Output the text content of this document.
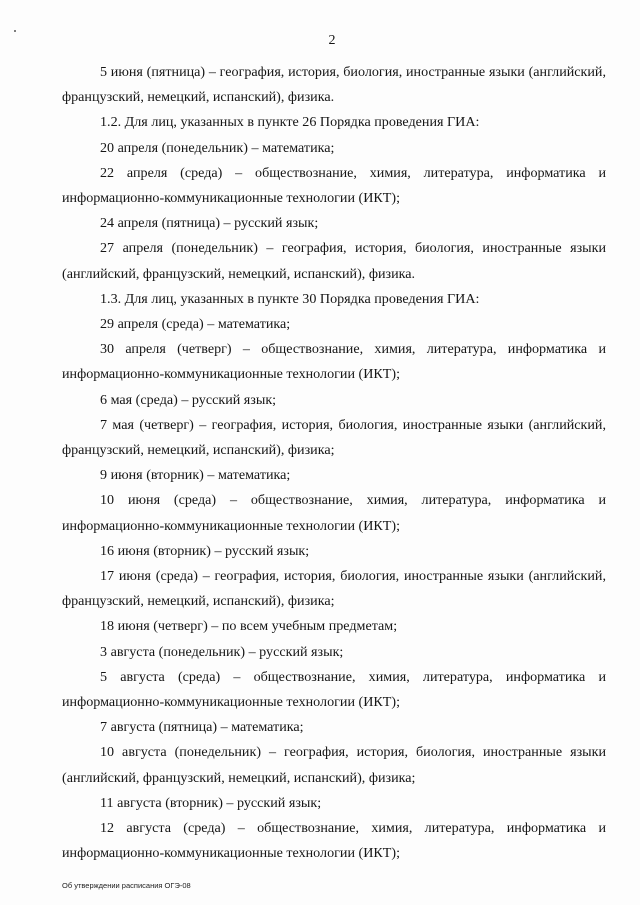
2

5 июня (пятница) – география, история, биология, иностранные языки (английский, французский, немецкий, испанский), физика.

1.2. Для лиц, указанных в пункте 26 Порядка проведения ГИА:

20 апреля (понедельник) – математика;

22 апреля (среда) – обществознание, химия, литература, информатика и информационно-коммуникационные технологии (ИКТ);

24 апреля (пятница) – русский язык;

27 апреля (понедельник) – география, история, биология, иностранные языки (английский, французский, немецкий, испанский), физика.

1.3. Для лиц, указанных в пункте 30 Порядка проведения ГИА:

29 апреля (среда) – математика;

30 апреля (четверг) – обществознание, химия, литература, информатика и информационно-коммуникационные технологии (ИКТ);

6 мая (среда) – русский язык;

7 мая (четверг) – география, история, биология, иностранные языки (английский, французский, немецкий, испанский), физика;

9 июня (вторник) – математика;

10 июня (среда) – обществознание, химия, литература, информатика и информационно-коммуникационные технологии (ИКТ);

16 июня (вторник) – русский язык;

17 июня (среда) – география, история, биология, иностранные языки (английский, французский, немецкий, испанский), физика;

18 июня (четверг) – по всем учебным предметам;

3 августа (понедельник) – русский язык;

5 августа (среда) – обществознание, химия, литература, информатика и информационно-коммуникационные технологии (ИКТ);

7 августа (пятница) – математика;

10 августа (понедельник) – география, история, биология, иностранные языки (английский, французский, немецкий, испанский), физика;

11 августа (вторник) – русский язык;

12 августа (среда) – обществознание, химия, литература, информатика и информационно-коммуникационные технологии (ИКТ);

Об утверждении расписания ОГЭ-08
